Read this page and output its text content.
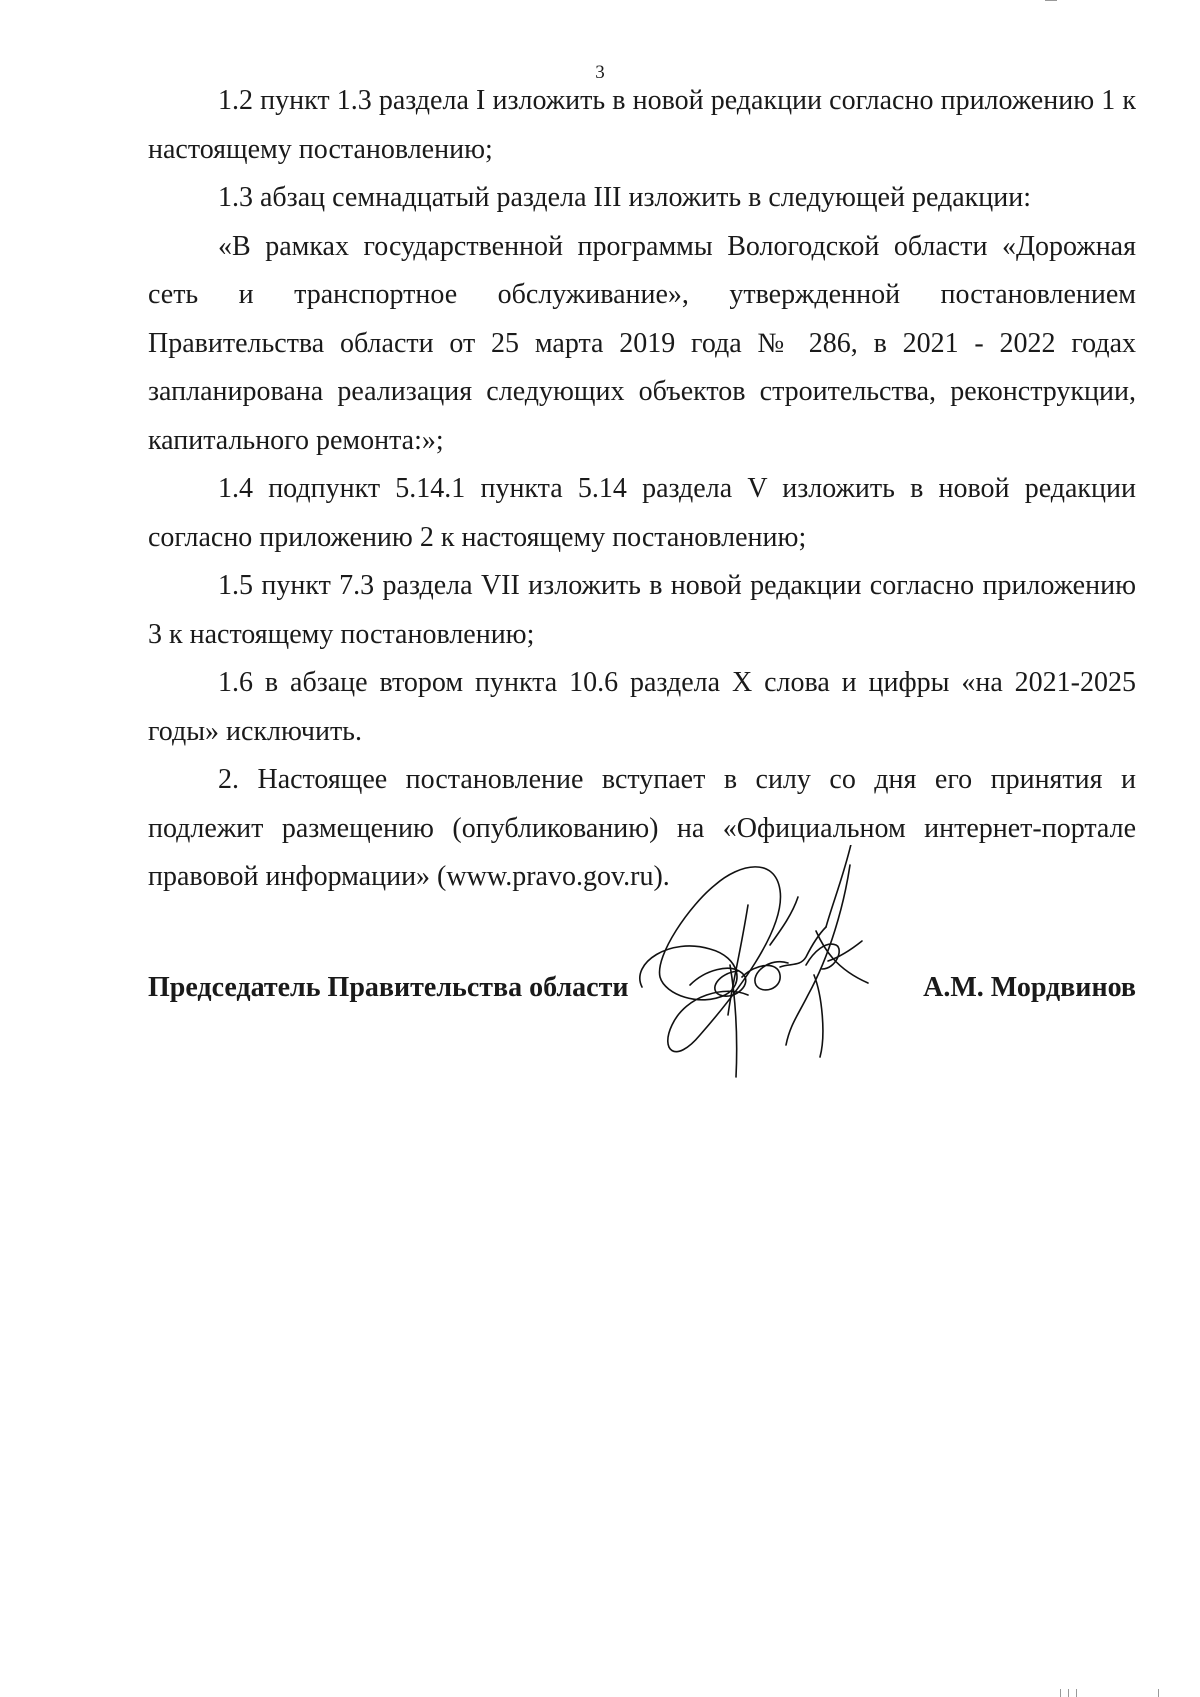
3

1.2 пункт 1.3 раздела I изложить в новой редакции согласно приложению 1 к настоящему постановлению;

1.3 абзац семнадцатый раздела III изложить в следующей редакции:

«В рамках государственной программы Вологодской области «Дорожная сеть и транспортное обслуживание», утвержденной постановлением Правительства области от 25 марта 2019 года № 286, в 2021 - 2022 годах запланирована реализация следующих объектов строительства, реконструкции, капитального ремонта:»;

1.4 подпункт 5.14.1 пункта 5.14 раздела V изложить в новой редакции согласно приложению 2 к настоящему постановлению;

1.5 пункт 7.3 раздела VII изложить в новой редакции согласно приложению 3 к настоящему постановлению;

1.6 в абзаце втором пункта 10.6 раздела X слова и цифры «на 2021-2025 годы» исключить.

2. Настоящее постановление вступает в силу со дня его принятия и подлежит размещению (опубликованию) на «Официальном интернет-портале правовой информации» (www.pravo.gov.ru).

Председатель Правительства области	А.М. Мордвинов
